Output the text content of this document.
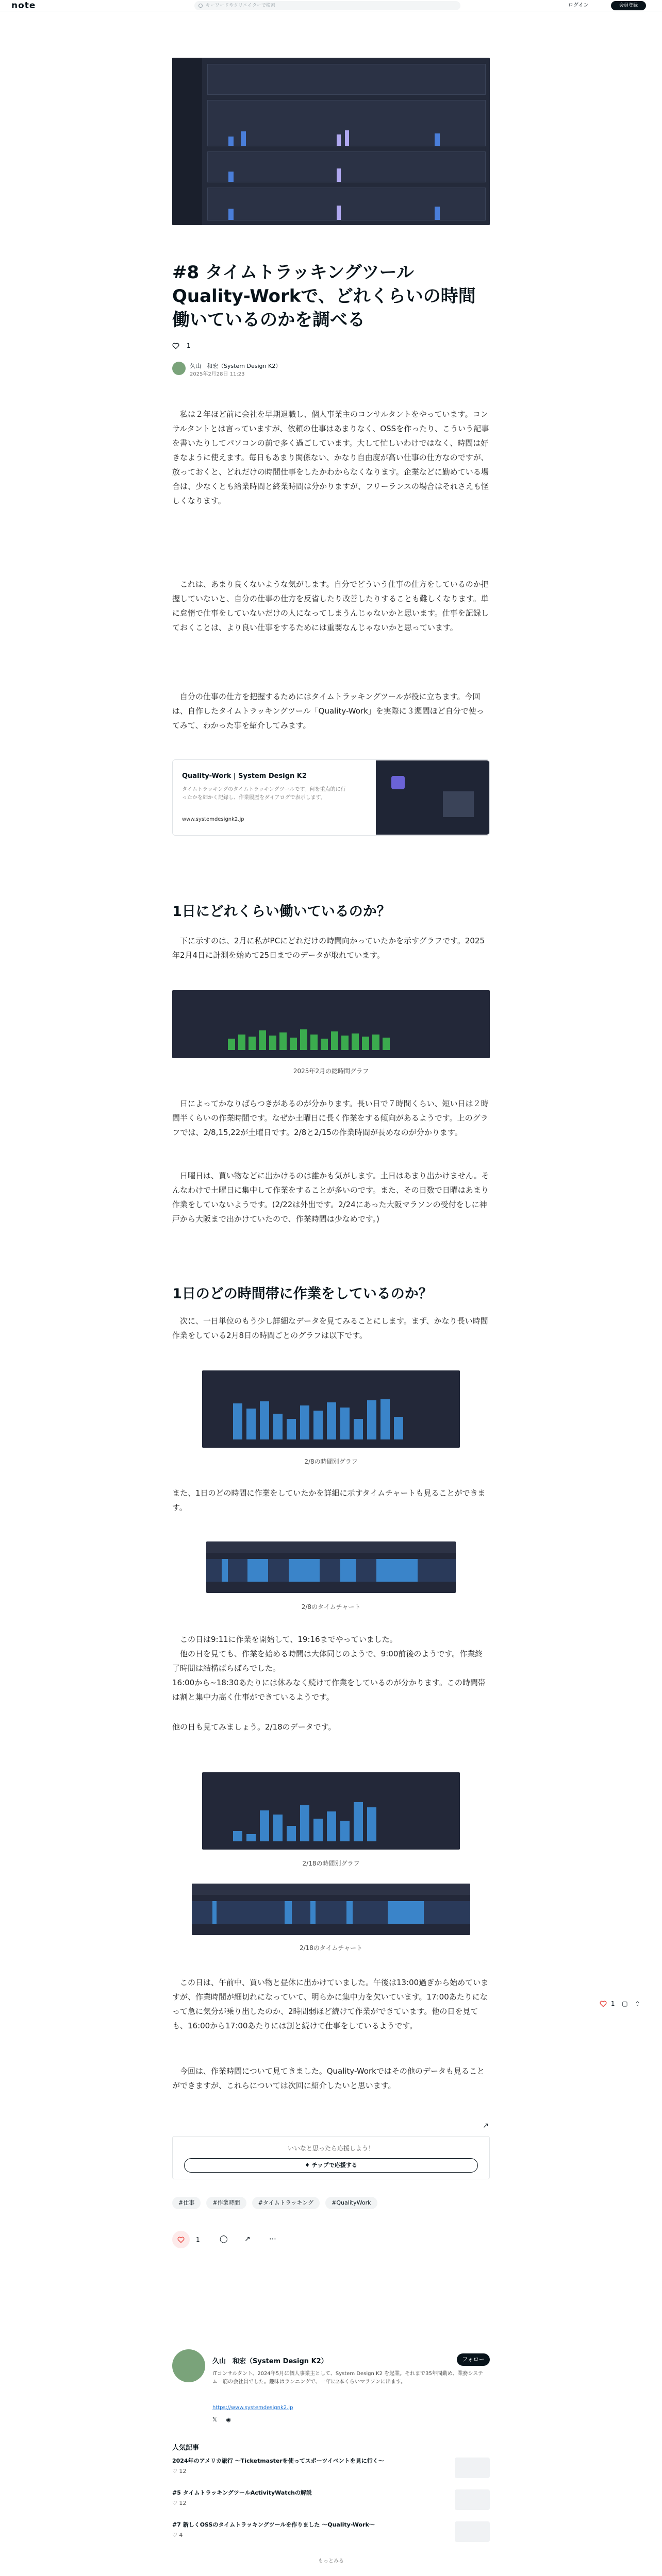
note	キーワードやクリエイターで検索	ログイン	会員登録
#8 タイムトラッキングツールQuality-Workで、どれくらいの時間働いているのかを調べる
1
久山　和宏（System Design K2）
2025年2月28日 11:23

私は２年ほど前に会社を早期退職し、個人事業主のコンサルタントをやっています。コンサルタントとは言っていますが、依頼の仕事はあまりなく、OSSを作ったり、こういう記事を書いたりしてパソコンの前で多く過ごしています。大して忙しいわけではなく、時間は好きなように使えます。毎日もあまり関係ない、かなり自由度が高い仕事の仕方なのですが、放っておくと、どれだけの時間仕事をしたかわからなくなります。企業などに勤めている場合は、少なくとも給業時間と終業時間は分かりますが、フリーランスの場合はそれさえも怪しくなります。

これは、あまり良くないような気がします。自分でどういう仕事の仕方をしているのか把握していないと、自分の仕事の仕方を反省したり改善したりすることも難しくなります。単に怠惰で仕事をしていないだけの人になってしまうんじゃないかと思います。仕事を記録しておくことは、より良い仕事をするためには重要なんじゃないかと思っています。

自分の仕事の仕方を把握するためにはタイムトラッキングツールが役に立ちます。今回は、自作したタイムトラッキングツール「Quality-Work」を実際に３週間ほど自分で使ってみて、わかった事を紹介してみます。

Quality-Work | System Design K2
タイムトラッキングのタイムトラッキングツールです。何を重点的に行ったかを細かく記録し、作業履歴をダイアログで表示します。
www.systemdesignk2.jp
1日にどれくらい働いているのか？

下に示すのは、2月に私がPCにどれだけの時間向かっていたかを示すグラフです。2025年2月4日に計測を始めて25日までのデータが取れています。

2025年2月の総時間グラフ

日によってかなりばらつきがあるのが分かります。長い日で７時間くらい、短い日は２時間半くらいの作業時間です。なぜか土曜日に長く作業をする傾向があるようです。上のグラフでは、2/8,15,22が土曜日です。2/8と2/15の作業時間が長めなのが分かります。

日曜日は、買い物などに出かけるのは誰かも気がします。土日はあまり出かけません。そんなわけで土曜日に集中して作業をすることが多いのです。また、その日数で日曜はあまり作業をしていないようです。(2/22は外出です。2/24にあった大阪マラソンの受付をしに神戸から大阪まで出かけていたので、作業時間は少なめです。)

1日のどの時間帯に作業をしているのか？

次に、一日単位のもう少し詳細なデータを見てみることにします。まず、かなり長い時間作業をしている2月8日の時間ごとのグラフは以下です。

2/8の時間別グラフ

また、1日のどの時間に作業をしていたかを詳細に示すタイムチャートも見ることができます。

2/8のタイムチャート

この日は9:11に作業を開始して、19:16までやっていました。

他の日を見ても、作業を始める時間は大体同じのようで、9:00前後のようです。作業終了時間は結構ばらばらでした。

16:00から~18:30あたりには休みなく続けて作業をしているのが分かります。この時間帯は割と集中力高く仕事ができているようです。

他の日も見てみましょう。2/18のデータです。

2/18の時間別グラフ
2/18のタイムチャート

この日は、午前中、買い物と昼休に出かけていました。午後は13:00過ぎから始めていますが、作業時間が細切れになっていて、明らかに集中力を欠いています。17:00あたりになって急に気分が乗り出したのか、2時間弱ほど続けて作業ができています。他の日を見ても、16:00から17:00あたりには割と続けて仕事をしているようです。

今回は、作業時間について見てきました。Quality-Workではその他のデータも見ることができますが、これらについては次回に紹介したいと思います。

1 ▢ ⇧
↗
いいなと思ったら応援しよう！
♦ チップで応援する
#仕事	#作業時間	#タイムトラッキング	#QualityWork
1	◯ ↗	⋯
久山　和宏（System Design K2）	フォロー
ITコンサルタント、2024年5月に個人事業主として、System Design K2 を起業。それまで35年間勤め、業務システム一筋の会社員でした。趣味はランニングで、一年に2本くらいマラソンに出ます。
https://www.systemdesignk2.jp
𝕏 ◉
人気記事
2024年のアメリカ旅行 〜Ticketmasterを使ってスポーツイベントを見に行く〜
♡ 12
#5 タイムトラッキングツールActivityWatchの解説
♡ 12
#7 新しくOSSのタイムトラッキングツールを作りました 〜Quality-Work〜
♡ 4
もっとみる
